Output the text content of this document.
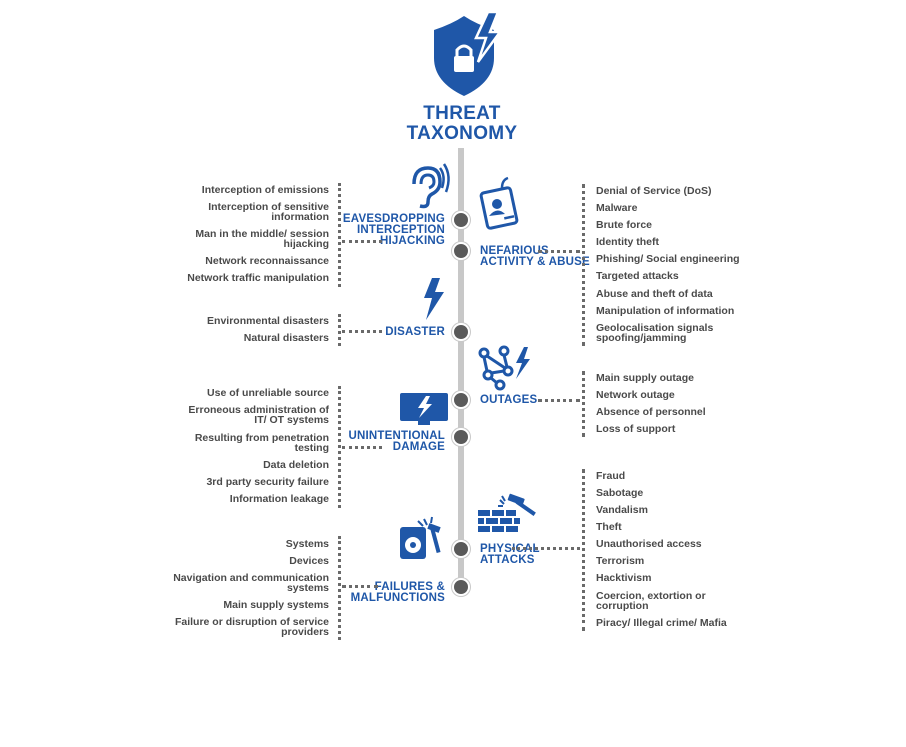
THREAT
TAXONOMY
EAVESDROPPING
INTERCEPTION
HIJACKING
NEFARIOUS
ACTIVITY & ABUSE
DISASTER
OUTAGES
UNINTENTIONAL
DAMAGE
PHYSICAL
ATTACKS
FAILURES &
MALFUNCTIONS
Interception of emissions
Interception of sensitive
information
Man in the middle/ session
hijacking
Network reconnaissance
Network traffic manipulation
Environmental disasters
Natural disasters
Use of unreliable source
Erroneous administration of
IT/ OT systems
Resulting from penetration
testing
Data deletion
3rd party security failure
Information leakage
Systems
Devices
Navigation and communication
systems
Main supply systems
Failure or disruption of service
providers
Denial of Service (DoS)
Malware
Brute force
Identity theft
Phishing/ Social engineering
Targeted attacks
Abuse and theft of data
Manipulation of information
Geolocalisation signals
spoofing/jamming
Main supply outage
Network outage
Absence of personnel
Loss of support
Fraud
Sabotage
Vandalism
Theft
Unauthorised access
Terrorism
Hacktivism
Coercion, extortion or
corruption
Piracy/ Illegal crime/ Mafia
